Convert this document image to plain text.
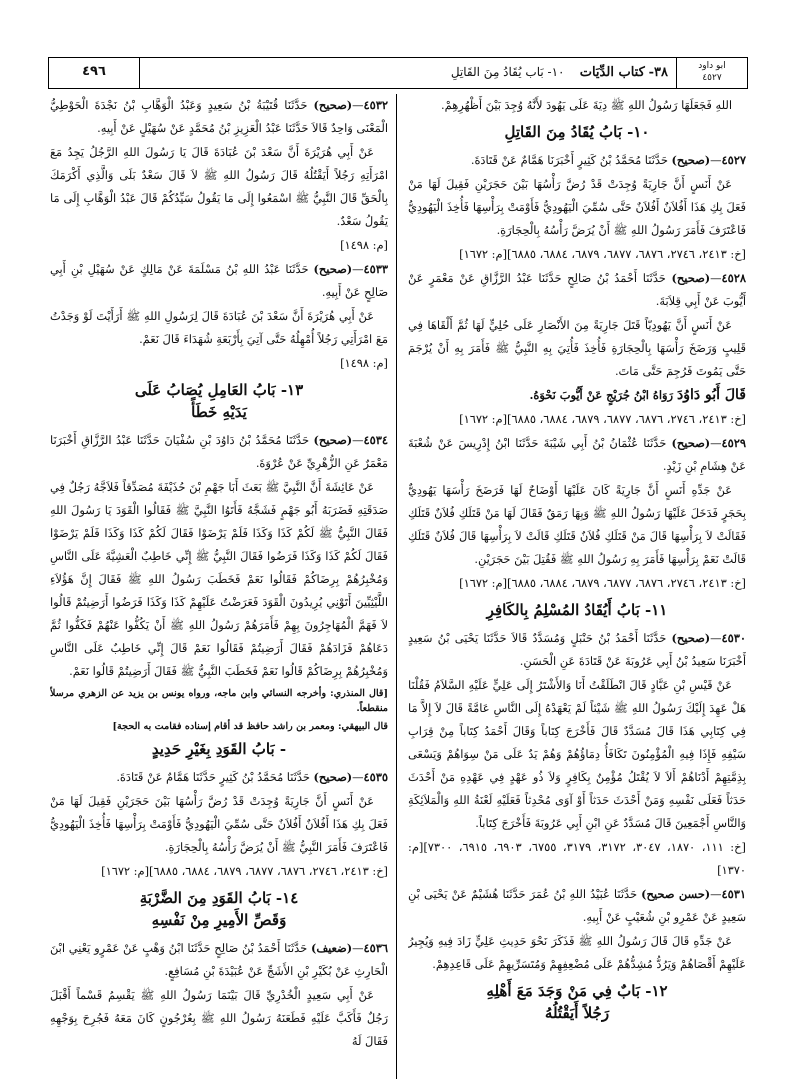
ابو داود
٤٥٢٧
٣٨- كتاب الدِّيَات    ١٠- بَاب يُقَادُ مِنَ القَاتِلِ
٤٩٦

اللهِ فَجَعَلَهَا رَسُولُ اللهِ ﷺ دِيَةَ عَلَى يَهُودَ لأَنَّهُ وُجِدَ بَيْنَ أَظْهُرِهِمْ.

١٠- بَابُ يُقَادُ مِنَ القَاتِلِ

٤٥٢٧—(صحيح) حَدَّثَنَا مُحَمَّدُ بْنُ كَثِيرٍ أَخْبَرَنَا هَمَّامٌ عَنْ قَتَادَةَ.

عَنْ أَنَسٍ أَنَّ جَارِيَةً وُجِدَتْ قَدْ رُضَّ رَأْسُهَا بَيْنَ حَجَرَيْنِ فَقِيلَ لَهَا مَنْ فَعَلَ بِكِ هَذَا أَفُلاَنٌ أَفُلاَنٌ حَتَّى سُمِّيَ الْيَهُودِيُّ فَأَوْمَتْ بِرَأْسِهَا فَأُخِذَ الْيَهُودِيُّ فَاعْتَرَفَ فَأَمَرَ رَسُولُ اللهِ ﷺ أَنْ يُرَضَّ رَأْسُهُ بِالْحِجَارَةِ.

[خ: ٢٤١٣، ٢٧٤٦، ٦٨٧٦، ٦٨٧٧، ٦٨٧٩، ٦٨٨٤، ٦٨٨٥][م: ١٦٧٢]

٤٥٢٨—(صحيح) حَدَّثَنَا أَحْمَدُ بْنُ صَالِحٍ حَدَّثَنَا عَبْدُ الرَّزَّاقِ عَنْ مَعْمَرٍ عَنْ أَيُّوبَ عَنْ أَبِي قِلاَبَةَ.

عَنْ أَنَسٍ أَنَّ يَهُودِيّاً قَتَلَ جَارِيَةً مِنَ الأَنْصَارِ عَلَى حُلِيٍّ لَهَا ثُمَّ أَلْقَاهَا فِي قَلِيبٍ وَرَضَخَ رَأْسَهَا بِالْحِجَارَةِ فَأُخِذَ فَأُتِيَ بِهِ النَّبِيُّ ﷺ فَأَمَرَ بِهِ أَنْ يُرْجَمَ حَتَّى يَمُوتَ فَرُجِمَ حَتَّى مَاتَ.

قَالَ أَبُو دَاوُدَ رَوَاهُ ابْنُ جُرَيْجٍ عَنْ أَيُّوبَ نَحْوَهُ.

[خ: ٢٤١٣، ٢٧٤٦، ٦٨٧٦، ٦٨٧٧، ٦٨٧٩، ٦٨٨٤، ٦٨٨٥][م: ١٦٧٢]

٤٥٢٩—(صحيح) حَدَّثَنَا عُثْمَانُ بْنُ أَبِي شَيْبَةَ حَدَّثَنَا ابْنُ إِدْرِيسَ عَنْ شُعْبَةَ عَنْ هِشَامِ بْنِ زَيْدٍ.

عَنْ جَدِّهِ أَنَسٍ أَنَّ جَارِيَةً كَانَ عَلَيْهَا أَوْضَاحٌ لَهَا فَرَضَخَ رَأْسَهَا يَهُودِيٌّ بِحَجَرٍ فَدَخَلَ عَلَيْهَا رَسُولُ اللهِ ﷺ وَبِهَا رَمَقٌ فَقَالَ لَهَا مَنْ قَتَلَكِ فُلاَنٌ قَتَلَكِ فَقَالَتْ لاَ بِرَأْسِهَا قَالَ مَنْ قَتَلَكِ فُلاَنٌ قَتَلَكِ قَالَتْ لاَ بِرَأْسِهَا قَالَ فُلاَنٌ قَتَلَكِ قَالَتْ نَعَمْ بِرَأْسِهَا فَأَمَرَ بِهِ رَسُولُ اللهِ ﷺ فَقُتِلَ بَيْنَ حَجَرَيْنِ.

[خ: ٢٤١٣، ٢٧٤٦، ٦٨٧٦، ٦٨٧٧، ٦٨٧٩، ٦٨٨٤، ٦٨٨٥][م: ١٦٧٢]

١١- بَابُ أَيُقَادُ المُسْلِمُ بِالكَافِرِ

٤٥٣٠—(صحيح) حَدَّثَنَا أَحْمَدُ بْنُ حَنْبَلٍ وَمُسَدَّدٌ قَالاَ حَدَّثَنَا يَحْيَى بْنُ سَعِيدٍ أَخْبَرَنَا سَعِيدُ بْنُ أَبِي عَرُوبَةَ عَنْ قَتَادَةَ عَنِ الْحَسَنِ.

عَنْ قَيْسِ بْنِ عَبَّادٍ قَالَ انْطَلَقْتُ أَنَا وَالأَشْتَرُ إِلَى عَلِيٍّ عَلَيْهِ السَّلاَمُ فَقُلْنَا هَلْ عَهِدَ إِلَيْكَ رَسُولُ اللهِ ﷺ شَيْئاً لَمْ يَعْهَدْهُ إِلَى النَّاسِ عَامَّةً قَالَ لاَ إِلاَّ مَا فِي كِتَابِي هَذَا قَالَ مُسَدَّدٌ قَالَ فَأَخْرَجَ كِتَاباً وَقَالَ أَحْمَدُ كِتَاباً مِنْ قِرَابِ سَيْفِهِ فَإِذَا فِيهِ الْمُؤْمِنُونَ تَكَافَأُ دِمَاؤُهُمْ وَهُمْ يَدٌ عَلَى مَنْ سِوَاهُمْ وَيَسْعَى بِذِمَّتِهِمْ أَدْنَاهُمْ أَلاَ لاَ يُقْتَلُ مُؤْمِنٌ بِكَافِرٍ وَلاَ ذُو عَهْدٍ فِي عَهْدِهِ مَنْ أَحْدَثَ حَدَثاً فَعَلَى نَفْسِهِ وَمَنْ أَحْدَثَ حَدَثاً أَوْ آوَى مُحْدِثاً فَعَلَيْهِ لَعْنَةُ اللهِ وَالْمَلاَئِكَةِ وَالنَّاسِ أَجْمَعِينَ قَالَ مُسَدَّدٌ عَنِ ابْنِ أَبِي عَرُوبَةَ فَأَخْرَجَ كِتَاباً.

[خ: ١١١، ١٨٧٠، ٣٠٤٧، ٣١٧٢، ٣١٧٩، ٦٧٥٥، ٦٩٠٣، ٦٩١٥، ٧٣٠٠][م: ١٣٧٠]

٤٥٣١—(حسن صحيح) حَدَّثَنَا عُبَيْدُ اللهِ بْنُ عُمَرَ حَدَّثَنَا هُشَيْمٌ عَنْ يَحْيَى بْنِ سَعِيدٍ عَنْ عَمْرِو بْنِ شُعَيْبٍ عَنْ أَبِيهِ.

عَنْ جَدِّهِ قَالَ قَالَ رَسُولُ اللهِ ﷺ فَذَكَرَ نَحْوَ حَدِيثِ عَلِيٍّ زَادَ فِيهِ وَيُجِيرُ عَلَيْهِمْ أَقْصَاهُمْ وَيَرُدُّ مُشِدُّهُمْ عَلَى مُضْعِفِهِمْ وَمُتَسَرِّيهِمْ عَلَى قَاعِدِهِمْ.

١٢- بَابٌ فِي مَنْ وَجَدَ مَعَ أَهْلِهِ
رَجُلاً أَيَقْتُلُهُ

٤٥٣٢—(صحيح) حَدَّثَنَا قُتَيْبَةُ بْنُ سَعِيدٍ وَعَبْدُ الْوَهَّابِ بْنُ نَجْدَةَ الْحَوْطِيُّ الْمَعْنَى وَاحِدٌ قَالاَ حَدَّثَنَا عَبْدُ الْعَزِيزِ بْنُ مُحَمَّدٍ عَنْ سُهَيْلٍ عَنْ أَبِيهِ.

عَنْ أَبِي هُرَيْرَةَ أَنَّ سَعْدَ بْنَ عُبَادَةَ قَالَ يَا رَسُولَ اللهِ الرَّجُلُ يَجِدُ مَعَ امْرَأَتِهِ رَجُلاً أَيَقْتُلُهُ قَالَ رَسُولُ اللهِ ﷺ لاَ قَالَ سَعْدٌ بَلَى وَالَّذِي أَكْرَمَكَ بِالْحَقِّ قَالَ النَّبِيُّ ﷺ اسْمَعُوا إِلَى مَا يَقُولُ سَيِّدُكُمْ قَالَ عَبْدُ الْوَهَّابِ إِلَى مَا يَقُولُ سَعْدٌ.

[م: ١٤٩٨]

٤٥٣٣—(صحيح) حَدَّثَنَا عَبْدُ اللهِ بْنُ مَسْلَمَةَ عَنْ مَالِكٍ عَنْ سُهَيْلِ بْنِ أَبِي صَالِحٍ عَنْ أَبِيهِ.

عَنْ أَبِي هُرَيْرَةَ أَنَّ سَعْدَ بْنَ عُبَادَةَ قَالَ لِرَسُولِ اللهِ ﷺ أَرَأَيْتَ لَوْ وَجَدْتُ مَعَ امْرَأَتِي رَجُلاً أُمْهِلُهُ حَتَّى آتِيَ بِأَرْبَعَةِ شُهَدَاءَ قَالَ نَعَمْ.

[م: ١٤٩٨]

١٣- بَابُ العَامِلِ يُصَابُ عَلَى
يَدَيْهِ خَطَأً

٤٥٣٤—(صحيح) حَدَّثَنَا مُحَمَّدُ بْنُ دَاوُدَ بْنِ سُفْيَانَ حَدَّثَنَا عَبْدُ الرَّزَّاقِ أَخْبَرَنَا مَعْمَرٌ عَنِ الزُّهْرِيِّ عَنْ عُرْوَةَ.

عَنْ عَائِشَةَ أَنَّ النَّبِيَّ ﷺ بَعَثَ أَبَا جَهْمِ بْنَ حُذَيْفَةَ مُصَدِّقاً فَلاَجَّهُ رَجُلٌ فِي صَدَقَتِهِ فَضَرَبَهُ أَبُو جَهْمٍ فَشَجَّهُ فَأَتَوُا النَّبِيَّ ﷺ فَقَالُوا الْقَوَدَ يَا رَسُولَ اللهِ فَقَالَ النَّبِيُّ ﷺ لَكُمْ كَذَا وَكَذَا فَلَمْ يَرْضَوْا فَقَالَ لَكُمْ كَذَا وَكَذَا فَلَمْ يَرْضَوْا فَقَالَ لَكُمْ كَذَا وَكَذَا فَرَضُوا فَقَالَ النَّبِيُّ ﷺ إِنِّي خَاطِبٌ الْعَشِيَّةَ عَلَى النَّاسِ وَمُخْبِرُهُمْ بِرِضَاكُمْ فَقَالُوا نَعَمْ فَخَطَبَ رَسُولُ اللهِ ﷺ فَقَالَ إِنَّ هَؤُلاَءِ اللَّيْثِيِّينَ أَتَوْنِي يُرِيدُونَ الْقَوَدَ فَعَرَضْتُ عَلَيْهِمْ كَذَا وَكَذَا فَرَضُوا أَرَضِيتُمْ قَالُوا لاَ فَهَمَّ الْمُهَاجِرُونَ بِهِمْ فَأَمَرَهُمْ رَسُولُ اللهِ ﷺ أَنْ يَكُفُّوا عَنْهُمْ فَكَفُّوا ثُمَّ دَعَاهُمْ فَزَادَهُمْ فَقَالَ أَرَضِيتُمْ فَقَالُوا نَعَمْ قَالَ إِنِّي خَاطِبٌ عَلَى النَّاسِ وَمُخْبِرُهُمْ بِرِضَاكُمْ قَالُوا نَعَمْ فَخَطَبَ النَّبِيُّ ﷺ فَقَالَ أَرَضِيتُمْ قَالُوا نَعَمْ.

[قال المنذري: وأخرجه النسائي وابن ماجه، ورواه يونس بن يزيد عن الزهري مرسلاً منقطعاً.

قال البيهقي: ومعمر بن راشد حافظ قد أقام إسناده فقامت به الحجة]

- بَابُ القَوَدِ بِغَيْرِ حَدِيدٍ

٤٥٣٥—(صحيح) حَدَّثَنَا مُحَمَّدُ بْنُ كَثِيرٍ حَدَّثَنَا هَمَّامٌ عَنْ قَتَادَةَ.

عَنْ أَنَسٍ أَنَّ جَارِيَةً وُجِدَتْ قَدْ رُضَّ رَأْسُهَا بَيْنَ حَجَرَيْنِ فَقِيلَ لَهَا مَنْ فَعَلَ بِكِ هَذَا أَفُلاَنٌ أَفُلاَنٌ حَتَّى سُمِّيَ الْيَهُودِيُّ فَأَوْمَتْ بِرَأْسِهَا فَأُخِذَ الْيَهُودِيُّ فَاعْتَرَفَ فَأَمَرَ النَّبِيُّ ﷺ أَنْ يُرَضَّ رَأْسُهُ بِالْحِجَارَةِ.

[خ: ٢٤١٣، ٢٧٤٦، ٦٨٧٦، ٦٨٧٧، ٦٨٧٩، ٦٨٨٤، ٦٨٨٥][م: ١٦٧٢]

١٤- بَابُ القَوَدِ مِنَ الضَّرْبَةِ
وَقَصِّ الأَمِيرِ مِنْ نَفْسِهِ

٤٥٣٦—(ضعيف) حَدَّثَنَا أَحْمَدُ بْنُ صَالِحٍ حَدَّثَنَا ابْنُ وَهْبٍ عَنْ عَمْرٍو يَعْنِي ابْنَ الْحَارِثِ عَنْ بُكَيْرِ بْنِ الأَشَجِّ عَنْ عُبَيْدَةَ بْنِ مُسَافِعٍ.

عَنْ أَبِي سَعِيدٍ الْخُدْرِيِّ قَالَ بَيْنَمَا رَسُولُ اللهِ ﷺ يَقْسِمُ قَسْماً أَقْبَلَ رَجُلٌ فَأَكَبَّ عَلَيْهِ فَطَعَنَهُ رَسُولُ اللهِ ﷺ بِعُرْجُونٍ كَانَ مَعَهُ فَجُرِحَ بِوَجْهِهِ فَقَالَ لَهُ
